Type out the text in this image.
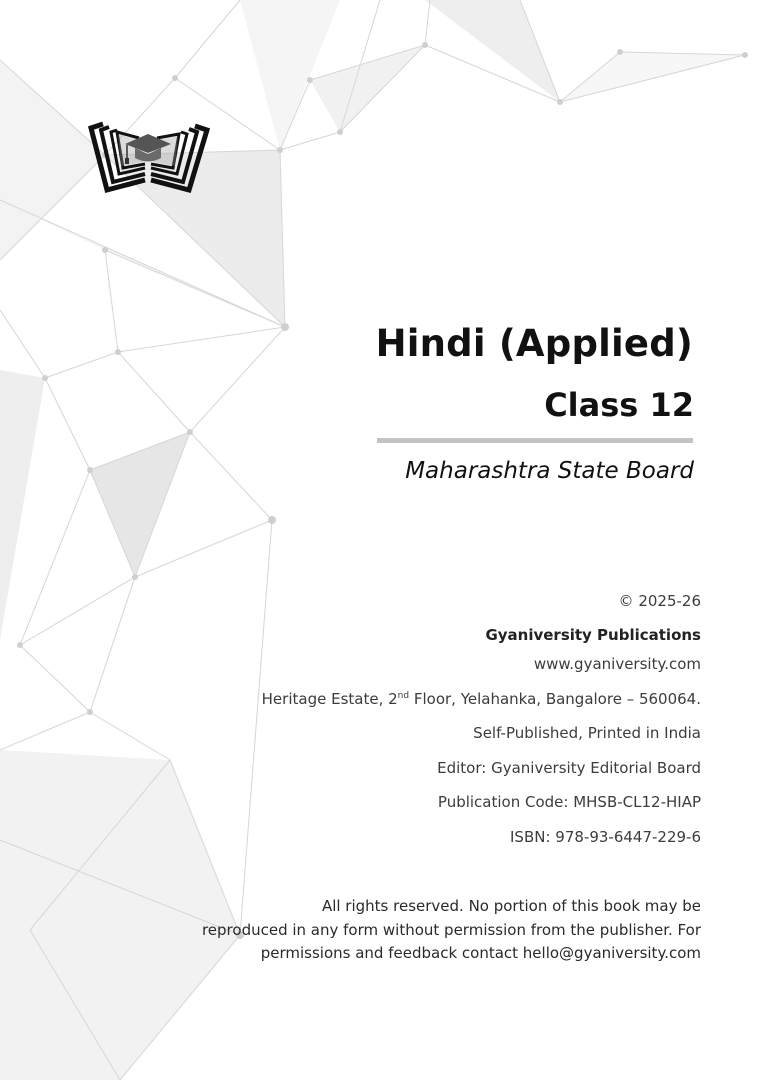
Hindi (Applied)
Class 12
Maharashtra State Board
© 2025-26
Gyaniversity Publications
www.gyaniversity.com
Heritage Estate, 2nd Floor, Yelahanka, Bangalore – 560064.
Self-Published, Printed in India
Editor: Gyaniversity Editorial Board
Publication Code: MHSB-CL12-HIAP
ISBN: 978-93-6447-229-6
All rights reserved. No portion of this book may be
reproduced in any form without permission from the publisher. For
permissions and feedback contact hello@gyaniversity.com
